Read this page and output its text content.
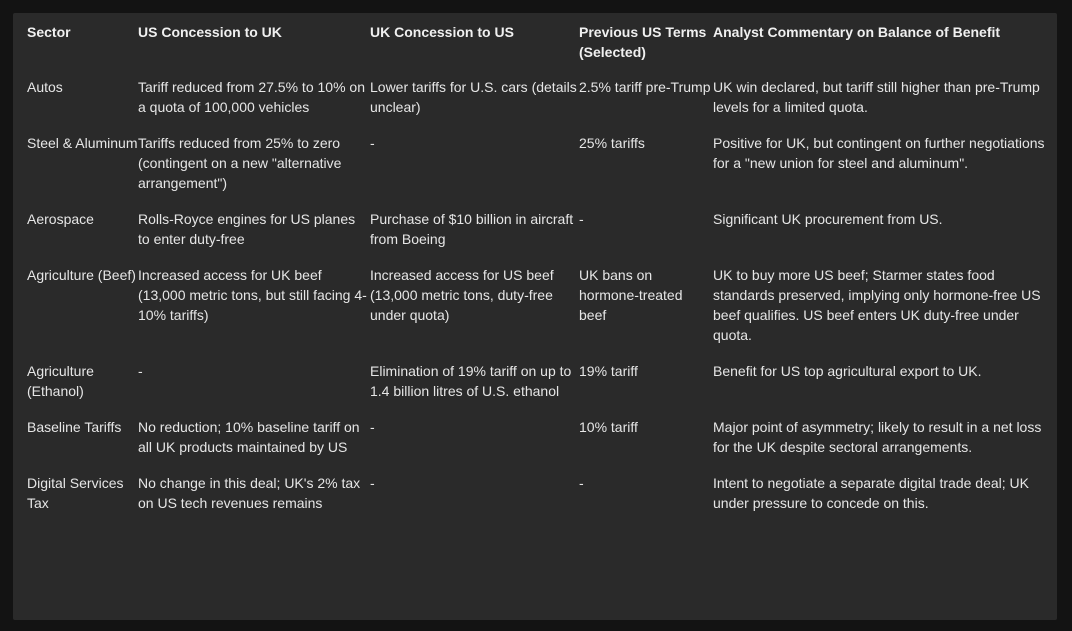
Sector	US Concession to UK	UK Concession to US	Previous US Terms (Selected)	Analyst Commentary on Balance of Benefit
Autos	Tariff reduced from 27.5% to 10% on a quota of 100,000 vehicles	Lower tariffs for U.S. cars (details unclear)	2.5% tariff pre-Trump	UK win declared, but tariff still higher than pre-Trump levels for a limited quota.
Steel & Aluminum	Tariffs reduced from 25% to zero (contingent on a new "alternative arrangement")	-	25% tariffs	Positive for UK, but contingent on further negotiations for a "new union for steel and aluminum".
Aerospace	Rolls-Royce engines for US planes to enter duty-free	Purchase of $10 billion in aircraft from Boeing	-	Significant UK procurement from US.
Agriculture (Beef)	Increased access for UK beef (13,000 metric tons, but still facing 4-10% tariffs)	Increased access for US beef (13,000 metric tons, duty-free under quota)	UK bans on hormone-treated beef	UK to buy more US beef; Starmer states food standards preserved, implying only hormone-free US beef qualifies. US beef enters UK duty-free under quota.
Agriculture (Ethanol)	-	Elimination of 19% tariff on up to 1.4 billion litres of U.S. ethanol	19% tariff	Benefit for US top agricultural export to UK.
Baseline Tariffs	No reduction; 10% baseline tariff on all UK products maintained by US	-	10% tariff	Major point of asymmetry; likely to result in a net loss for the UK despite sectoral arrangements.
Digital Services Tax	No change in this deal; UK's 2% tax on US tech revenues remains	-	-	Intent to negotiate a separate digital trade deal; UK under pressure to concede on this.
